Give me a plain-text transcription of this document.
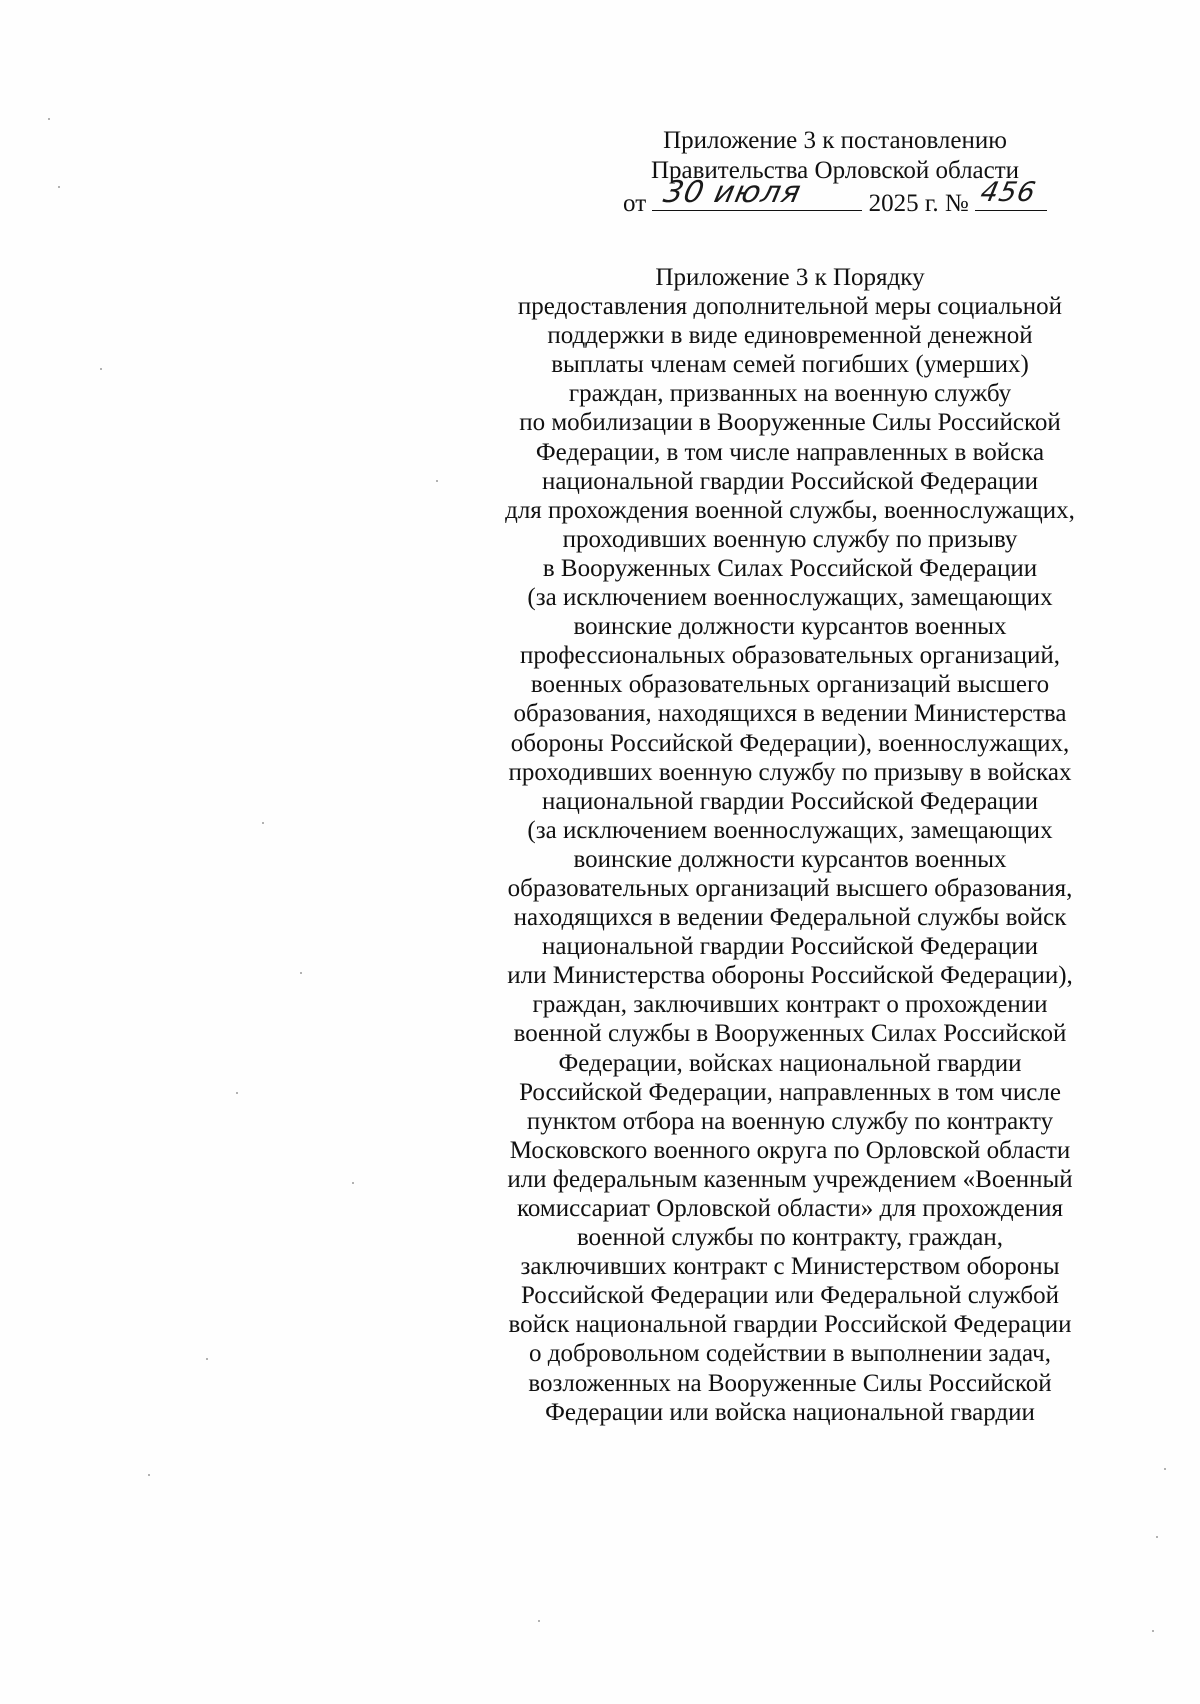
Приложение 3 к постановлению
Правительства Орловской области
от 30 июля	2025 г. № 456
Приложение 3 к Порядку
предоставления дополнительной меры социальной
поддержки в виде единовременной денежной
выплаты членам семей погибших (умерших)
граждан, призванных на военную службу
по мобилизации в Вооруженные Силы Российской
Федерации, в том числе направленных в войска
национальной гвардии Российской Федерации
для прохождения военной службы, военнослужащих,
проходивших военную службу по призыву
в Вооруженных Силах Российской Федерации
(за исключением военнослужащих, замещающих
воинские должности курсантов военных
профессиональных образовательных организаций,
военных образовательных организаций высшего
образования, находящихся в ведении Министерства
обороны Российской Федерации), военнослужащих,
проходивших военную службу по призыву в войсках
национальной гвардии Российской Федерации
(за исключением военнослужащих, замещающих
воинские должности курсантов военных
образовательных организаций высшего образования,
находящихся в ведении Федеральной службы войск
национальной гвардии Российской Федерации
или Министерства обороны Российской Федерации),
граждан, заключивших контракт о прохождении
военной службы в Вооруженных Силах Российской
Федерации, войсках национальной гвардии
Российской Федерации, направленных в том числе
пунктом отбора на военную службу по контракту
Московского военного округа по Орловской области
или федеральным казенным учреждением «Военный
комиссариат Орловской области» для прохождения
военной службы по контракту, граждан,
заключивших контракт с Министерством обороны
Российской Федерации или Федеральной службой
войск национальной гвардии Российской Федерации
о добровольном содействии в выполнении задач,
возложенных на Вооруженные Силы Российской
Федерации или войска национальной гвардии
